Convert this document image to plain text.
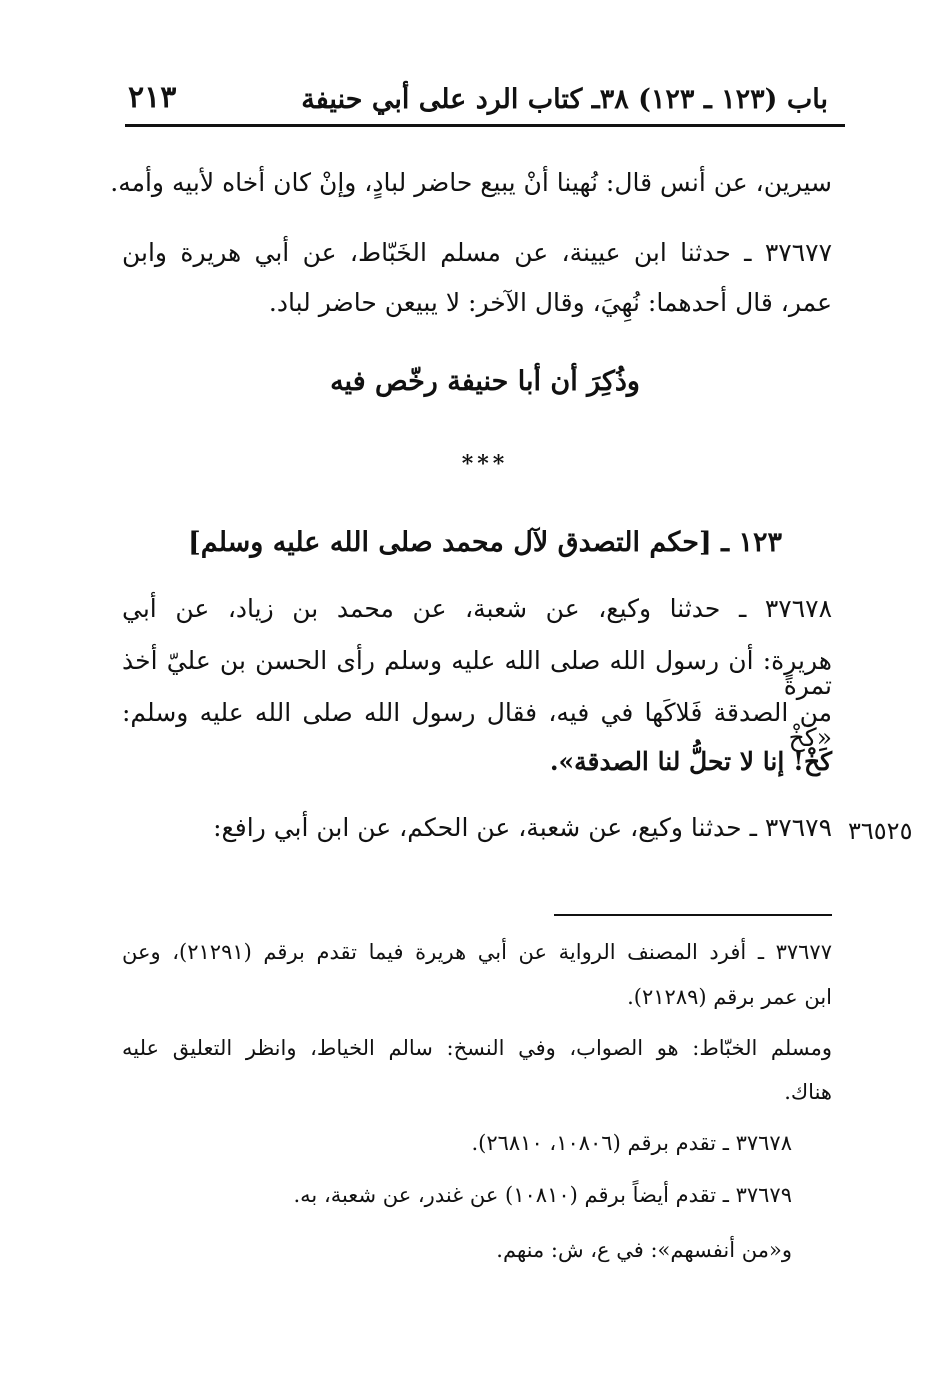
باب (١٢٣ ـ ١٢٣) ٣٨ـ كتاب الرد على أبي حنيفة
٢١٣
سيرين، عن أنس قال: نُهينا أنْ يبيع حاضر لبادٍ، وإنْ كان أخاه لأبيه وأمه.
٣٧٦٧٧ ـ حدثنا ابن عيينة، عن مسلم الخَبّاط، عن أبي هريرة وابن
عمر، قال أحدهما: نُهِيَ، وقال الآخر: لا يبيعن حاضر لباد.
وذُكِرَ أن أبا حنيفة رخّص فيه
***
١٢٣ ـ [حكم التصدق لآل محمد صلى الله عليه وسلم]
٣٧٦٧٨ ـ حدثنا وكيع، عن شعبة، عن محمد بن زياد، عن أبي
هريرة: أن رسول الله صلى الله عليه وسلم رأى الحسن بن عليّ أخذ تمرةً
من الصدقة فَلاكَها في فيه، فقال رسول الله صلى الله عليه وسلم: «كَخْ
كَخْ! إنا لا تحلُّ لنا الصدقة».
٣٧٦٧٩ ـ حدثنا وكيع، عن شعبة، عن الحكم، عن ابن أبي رافع: ٣٦٥٢٥
٣٧٦٧٧ ـ أفرد المصنف الرواية عن أبي هريرة فيما تقدم برقم (٢١٢٩١)، وعن
ابن عمر برقم (٢١٢٨٩).
ومسلم الخبّاط: هو الصواب، وفي النسخ: سالم الخياط، وانظر التعليق عليه
هناك.
٣٧٦٧٨ ـ تقدم برقم (١٠٨٠٦، ٢٦٨١٠).
٣٧٦٧٩ ـ تقدم أيضاً برقم (١٠٨١٠) عن غندر، عن شعبة، به.
و«من أنفسهم»: في ع، ش: منهم.
